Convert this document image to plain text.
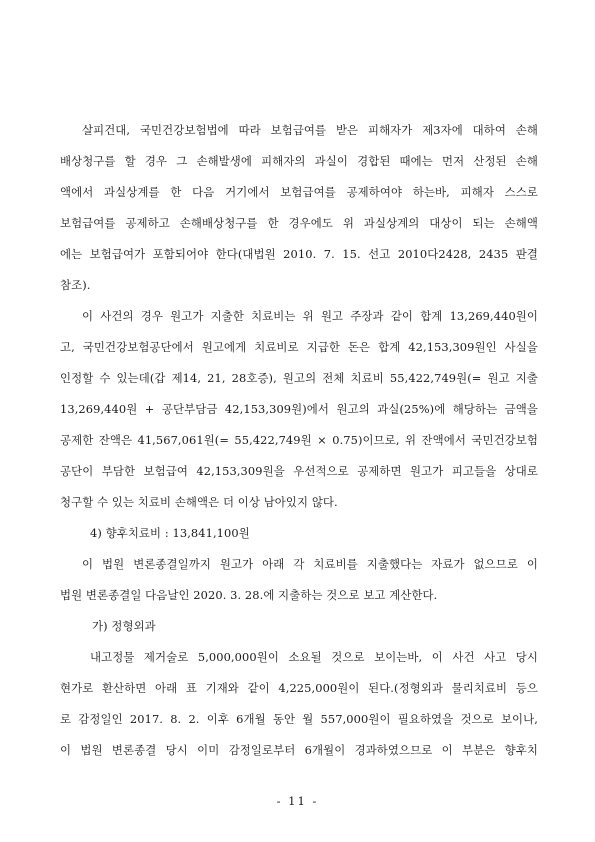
살피건대, 국민건강보험법에 따라 보험급여를 받은 피해자가 제3자에 대하여 손해
배상청구를 할 경우 그 손해발생에 피해자의 과실이 경합된 때에는 먼저 산정된 손해
액에서 과실상계를 한 다음 거기에서 보험급여를 공제하여야 하는바, 피해자 스스로
보험급여를 공제하고 손해배상청구를 한 경우에도 위 과실상계의 대상이 되는 손해액
에는 보험급여가 포함되어야 한다(대법원 2010. 7. 15. 선고 2010다2428, 2435 판결
참조).
이 사건의 경우 원고가 지출한 치료비는 위 원고 주장과 같이 합계 13,269,440원이
고, 국민건강보험공단에서 원고에게 치료비로 지급한 돈은 합계 42,153,309원인 사실을
인정할 수 있는데(갑 제14, 21, 28호증), 원고의 전체 치료비 55,422,749원(= 원고 지출
13,269,440원 + 공단부담금 42,153,309원)에서 원고의 과실(25%)에 해당하는 금액을
공제한 잔액은 41,567,061원(= 55,422,749원 × 0.75)이므로, 위 잔액에서 국민건강보험
공단이 부담한 보험급여 42,153,309원을 우선적으로 공제하면 원고가 피고들을 상대로
청구할 수 있는 치료비 손해액은 더 이상 남아있지 않다.
4) 향후치료비 : 13,841,100원
이 법원 변론종결일까지 원고가 아래 각 치료비를 지출했다는 자료가 없으므로 이
법원 변론종결일 다음날인 2020. 3. 28.에 지출하는 것으로 보고 계산한다.
가) 정형외과
내고정물 제거술로 5,000,000원이 소요될 것으로 보이는바, 이 사건 사고 당시
현가로 환산하면 아래 표 기재와 같이 4,225,000원이 된다.(정형외과 물리치료비 등으
로 감정일인 2017. 8. 2. 이후 6개월 동안 월 557,000원이 필요하였을 것으로 보이나,
이 법원 변론종결 당시 이미 감정일로부터 6개월이 경과하였으므로 이 부분은 향후치
- 11 -
